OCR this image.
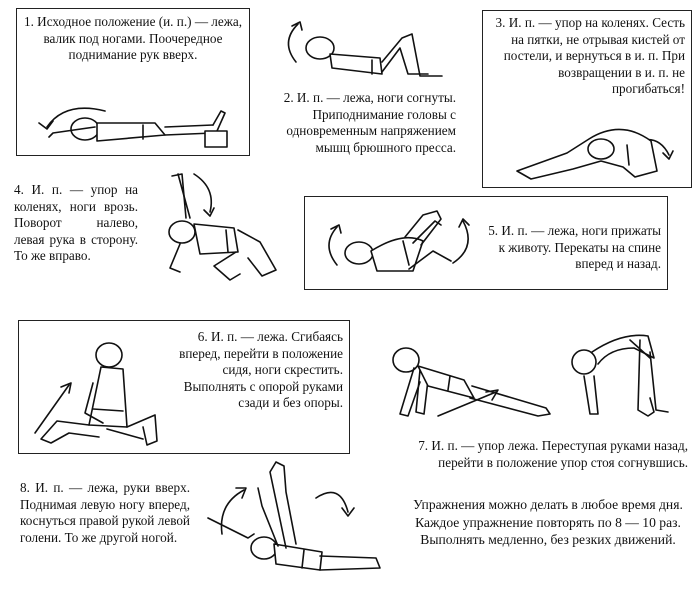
1. Исходное положение (и. п.) — лежа, валик под ногами. Поочередное поднимание рук вверх.

2. И. п. — лежа, ноги согнуты. Приподнимание головы с одновременным напряжением мышц брюшного пресса.

3. И. п. — упор на коленях. Сесть на пятки, не отрывая кистей от постели, и вернуться в и. п. При возвращении в и. п. не прогибаться!

4. И. п. — упор на коленях, ноги врозь. Поворот налево, левая рука в сторону. То же вправо.

5. И. п. — лежа, ноги прижаты к животу. Перекаты на спине вперед и назад.

6. И. п. — лежа. Сгибаясь вперед, перейти в положение сидя, ноги скрестить. Выполнять с опорой руками сзади и без опоры.

7. И. п. — упор лежа. Переступая руками назад, перейти в положение упор стоя согнувшись.

8. И. п. — лежа, руки вверх. Поднимая левую ногу вперед, коснуться правой рукой левой голени. То же другой ногой.

Упражнения можно делать в любое время дня. Каждое упражнение повторять по 8 — 10 раз. Выполнять медленно, без резких движений.
